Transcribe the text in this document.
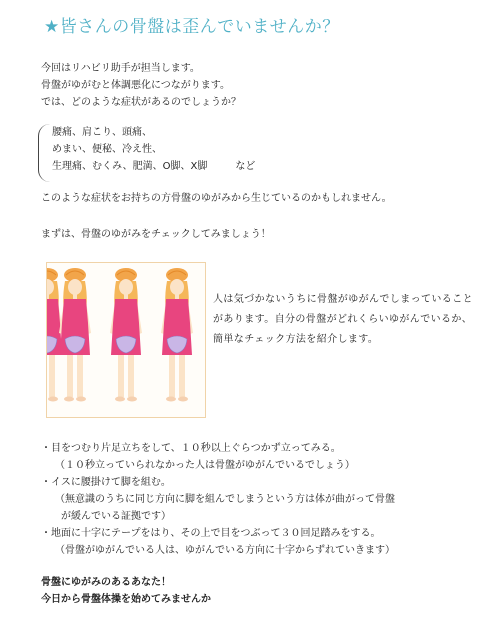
★皆さんの骨盤は歪んでいませんか？
今回はリハビリ助手が担当します。
骨盤がゆがむと体調悪化につながります。
では、どのような症状があるのでしょうか？
腰痛、肩こり、頭痛、
めまい、便秘、冷え性、
生理痛、むくみ、肥満、O脚、X脚	など
このような症状をお持ちの方骨盤のゆがみから生じているのかもしれません。
まずは、骨盤のゆがみをチェックしてみましょう！
人は気づかないうちに骨盤がゆがんでしまっていることがあります。自分の骨盤がどれくらいゆがんでいるか、簡単なチェック方法を紹介します。
・目をつむり片足立ちをして、１０秒以上ぐらつかず立ってみる。
（１０秒立っていられなかった人は骨盤がゆがんでいるでしょう）
・イスに腰掛けて脚を組む。
（無意識のうちに同じ方向に脚を組んでしまうという方は体が曲がって骨盤
が緩んでいる証拠です）
・地面に十字にテープをはり、その上で目をつぶって３０回足踏みをする。
（骨盤がゆがんでいる人は、ゆがんでいる方向に十字からずれていきます）
骨盤にゆがみのあるあなた！
今日から骨盤体操を始めてみませんか
